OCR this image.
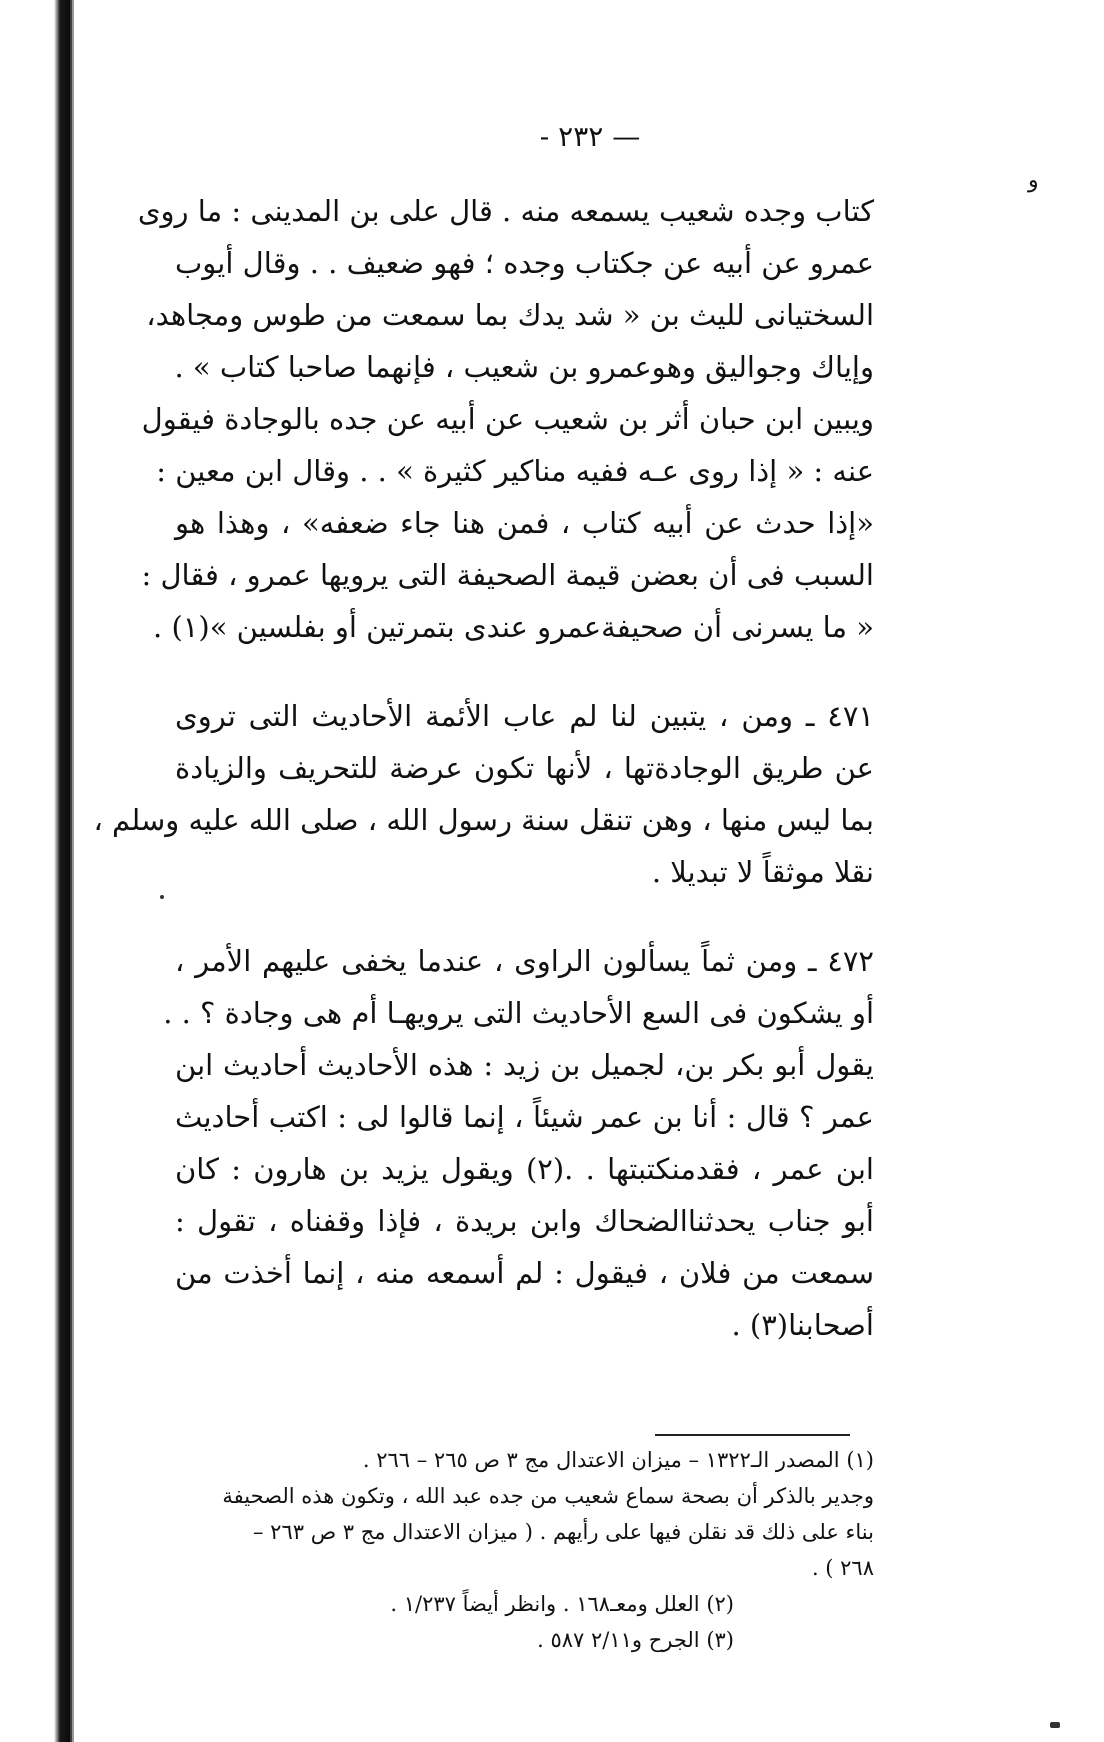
و
— ٢٣٢ -
كتاب وجده شعيب يسمعه منه . قال على بن المدينى : ما روى
عمرو عن أبيه عن جكتاب وجده ؛ فهو ضعيف . . وقال أيوب
السختيانى لليث بن « شد يدك بما سمعت من طوس ومجاهد،
وإياك وجواليق وهوعمرو بن شعيب ، فإنهما صاحبا كتاب » .
ويبين ابن حبان أثر بن شعيب عن أبيه عن جده بالوجادة فيقول
عنه : « إذا روى عـه ففيه مناكير كثيرة » . . وقال ابن معين :
«إذا حدث عن أبيه كتاب ، فمن هنا جاء ضعفه» ، وهذا هو
السبب فى أن بعضن قيمة الصحيفة التى يرويها عمرو ، فقال :
« ما يسرنى أن صحيفةعمرو عندى بتمرتين أو بفلسين »(١) .
٤٧١ ـ ومن ، يتبين لنا لم عاب الأئمة الأحاديث التى تروى
عن طريق الوجادةتها ، لأنها تكون عرضة للتحريف والزيادة
بما ليس منها ، وهن تنقل سنة رسول الله ، صلى الله عليه وسلم ،
نقلا موثقاً لا تبديلا .
٤٧٢ ـ ومن ثماً يسألون الراوى ، عندما يخفى عليهم الأمر ،
أو يشكون فى السع الأحاديث التى يرويهـا أم هى وجادة ؟ . .
يقول أبو بكر بن، لجميل بن زيد : هذه الأحاديث أحاديث ابن
عمر ؟ قال : أنا بن عمر شيئاً ، إنما قالوا لى : اكتب أحاديث
ابن عمر ، فقدمنكتبتها . .(٢) ويقول يزيد بن هارون : كان
أبو جناب يحدثناالضحاك وابن بريدة ، فإذا وقفناه ، تقول :
سمعت من فلان ، فيقول : لم أسمعه منه ، إنما أخذت من
أصحابنا(٣) .
(١) المصدر الـ١٣٢٢ – ميزان الاعتدال مج ٣ ص ٢٦٥ – ٢٦٦ .
وجدير بالذكر أن بصحة سماع شعيب من جده عبد الله ، وتكون هذه الصحيفة
بناء على ذلك قد نقلن فيها على رأيهم . ( ميزان الاعتدال مج ٣ ص ٢٦٣ –
٢٦٨ ) .
(٢) العلل ومعـ١٦٨ . وانظر أيضاً ١/٢٣٧ .
(٣) الجرح و٢/١١ ٥٨٧ .
